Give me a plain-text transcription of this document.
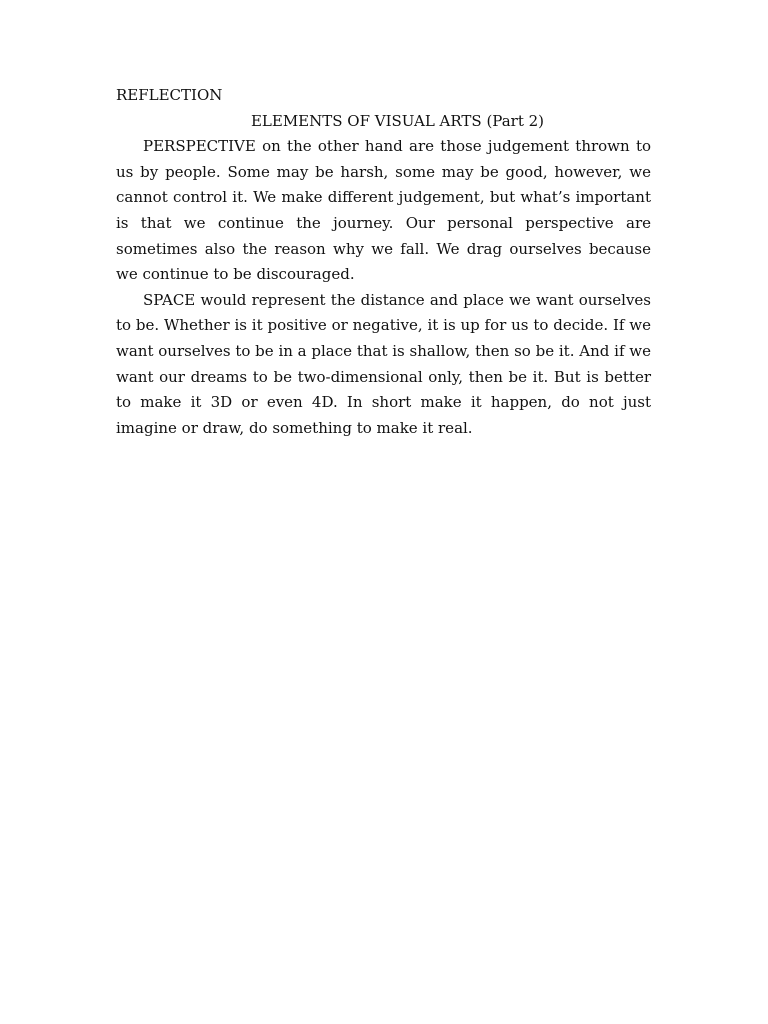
REFLECTION

ELEMENTS OF VISUAL ARTS (Part 2)

PERSPECTIVE on the other hand are those judgement thrown to us by people. Some may be harsh, some may be good, however, we cannot control it. We make different judgement, but what’s important is that we continue the journey. Our personal perspective are sometimes also the reason why we fall. We drag ourselves because we continue to be discouraged.

SPACE would represent the distance and place we want ourselves to be. Whether is it positive or negative, it is up for us to decide. If we want ourselves to be in a place that is shallow, then so be it. And if we want our dreams to be two-dimensional only, then be it. But is better to make it 3D or even 4D. In short make it happen, do not just imagine or draw, do something to make it real.
